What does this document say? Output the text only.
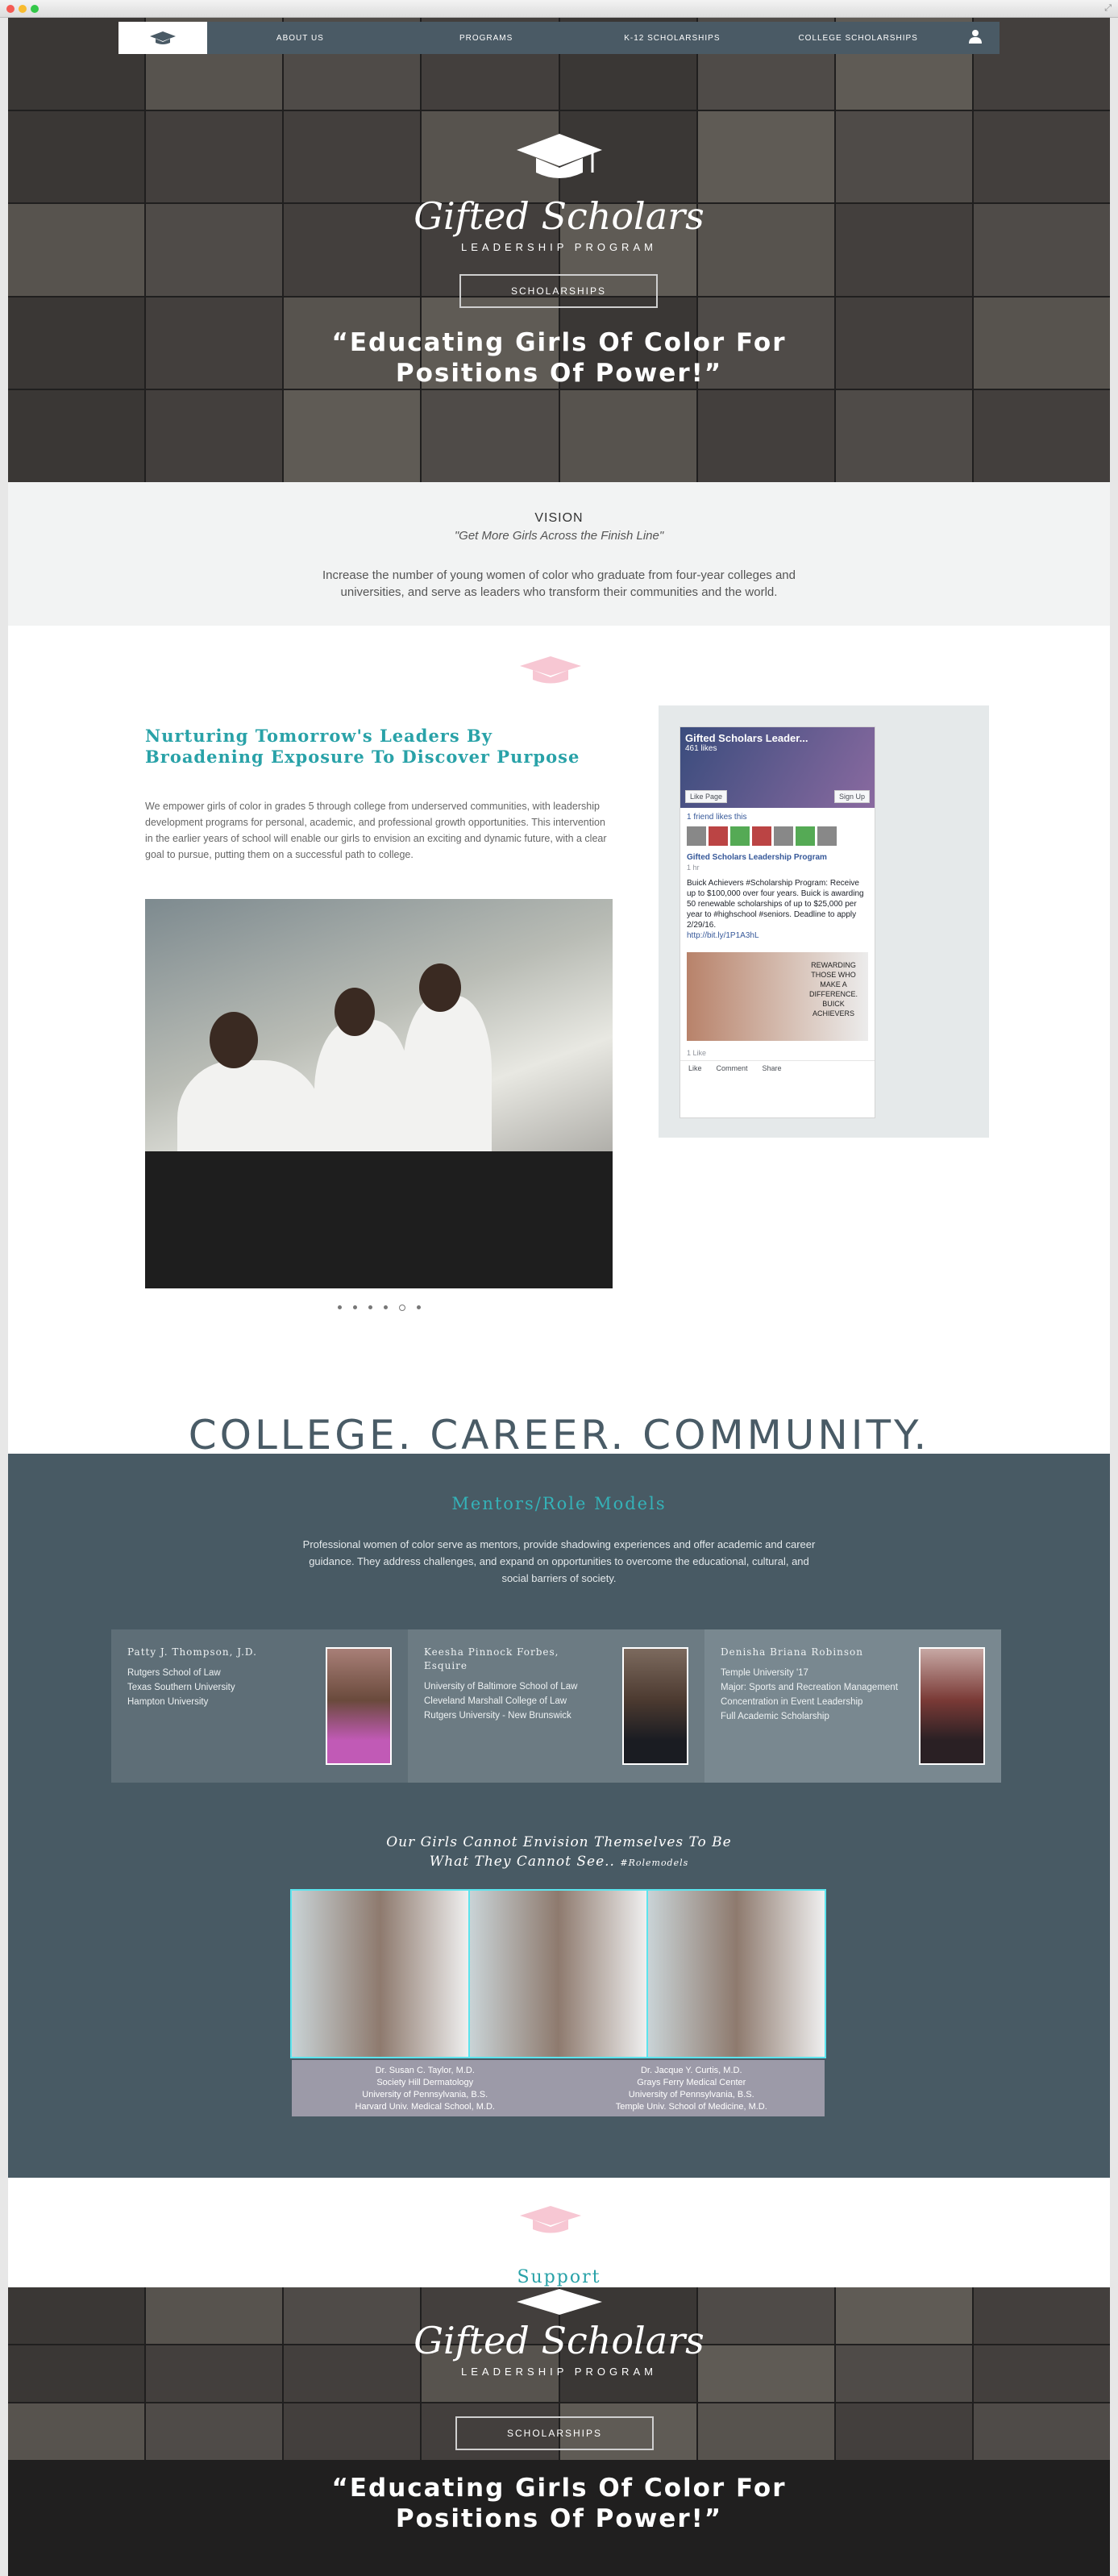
⤢
ABOUT US	PROGRAMS	K-12 SCHOLARSHIPS	COLLEGE SCHOLARSHIPS
Gifted Scholars
LEADERSHIP PROGRAM
SCHOLARSHIPS
“Educating Girls Of Color For
Positions Of Power!”
VISION
"Get More Girls Across the Finish Line"
Increase the number of young women of color who graduate from four-year colleges and universities, and serve as leaders who transform their communities and the world.
Nurturing Tomorrow's Leaders By
Broadening Exposure To Discover Purpose

We empower girls of color in grades 5 through college from underserved communities, with leadership development programs for personal, academic, and professional growth opportunities. This intervention in the earlier years of school will enable our girls to envision an exciting and dynamic future, with a clear goal to pursue, putting them on a successful path to college.

Gifted Scholars Leader...
461 likes
Like Page	Sign Up
1 friend likes this
Gifted Scholars Leadership Program
1 hr
Buick Achievers #Scholarship Program: Receive up to $100,000 over four years. Buick is awarding 50 renewable scholarships of up to $25,000 per year to #highschool #seniors. Deadline to apply 2/29/16.
http://bit.ly/1P1A3hL
REWARDING THOSE WHO MAKE A DIFFERENCE. BUICK ACHIEVERS
1 Like
Like Comment Share
COLLEGE. CAREER. COMMUNITY.
Mentors/Role Models

Professional women of color serve as mentors, provide shadowing experiences and offer academic and career guidance. They address challenges, and expand on opportunities to overcome the educational, cultural, and social barriers of society.

Patty J. Thompson, J.D.
Rutgers School of Law
Texas Southern University
Hampton University
Keesha Pinnock Forbes, Esquire
University of Baltimore School of Law
Cleveland Marshall College of Law
Rutgers University - New Brunswick
Denisha Briana Robinson
Temple University '17
Major: Sports and Recreation Management
Concentration in Event Leadership
Full Academic Scholarship
Our Girls Cannot Envision Themselves To Be
What They Cannot See.. #Rolemodels
Dr. Susan C. Taylor, M.D.
Society Hill Dermatology
University of Pennsylvania, B.S.
Harvard Univ. Medical School, M.D.
Dr. Jacque Y. Curtis, M.D.
Grays Ferry Medical Center
University of Pennsylvania, B.S.
Temple Univ. School of Medicine, M.D.
Support
Gifted Scholars
LEADERSHIP PROGRAM
SCHOLARSHIPS
“Educating Girls Of Color For
Positions Of Power!”
